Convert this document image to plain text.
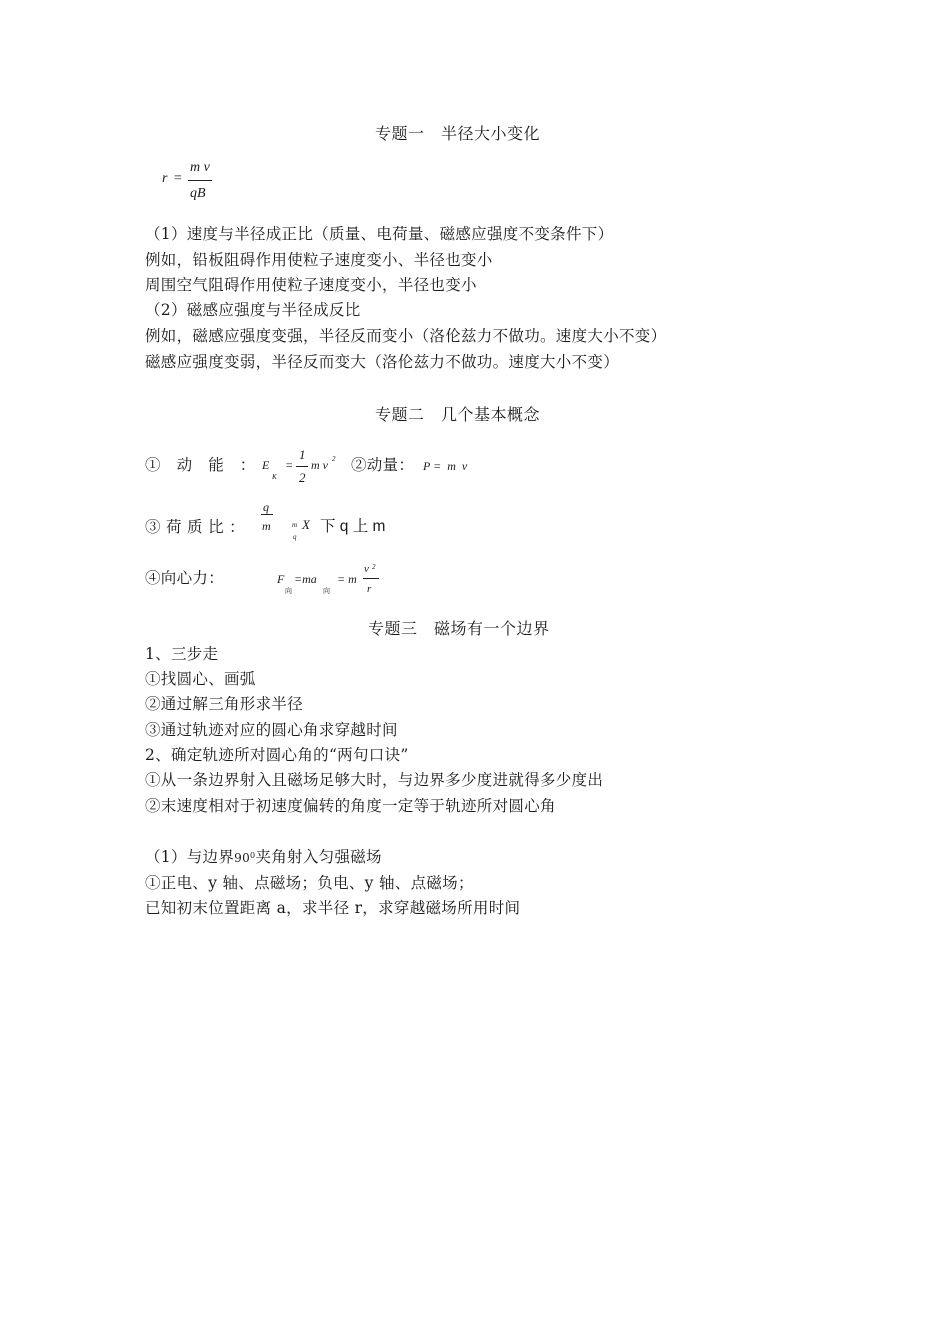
专题一　半径大小变化
r =
m v
qB
（1）速度与半径成正比（质量、电荷量、磁感应强度不变条件下）
例如，铅板阻碍作用使粒子速度变小、半径也变小
周围空气阻碍作用使粒子速度变小，半径也变小
（2）磁感应强度与半径成反比
例如，磁感应强度变强，半径反而变小（洛伦兹力不做功。速度大小不变）
磁感应强度变弱，半径反而变大（洛伦兹力不做功。速度大小不变）
专题二　几个基本概念
①　动　能　： E
K
=
1
2
m v 2 ②动量： P =  m  v
③ 荷 质 比 ：
q
m	m
q
X 下 q 上 m
④向心力：	F
向
=ma
向
= m
v 2
r
专题三　磁场有一个边界
1、三步走
①找圆心、画弧
②通过解三角形求半径
③通过轨迹对应的圆心角求穿越时间
2、确定轨迹所对圆心角的“两句口诀”
①从一条边界射入且磁场足够大时，与边界多少度进就得多少度出
②末速度相对于初速度偏转的角度一定等于轨迹所对圆心角
（1）与边界$90^0$夹角射入匀强磁场
①正电、y 轴、点磁场；负电、y 轴、点磁场；
已知初末位置距离 a，求半径 r，求穿越磁场所用时间
